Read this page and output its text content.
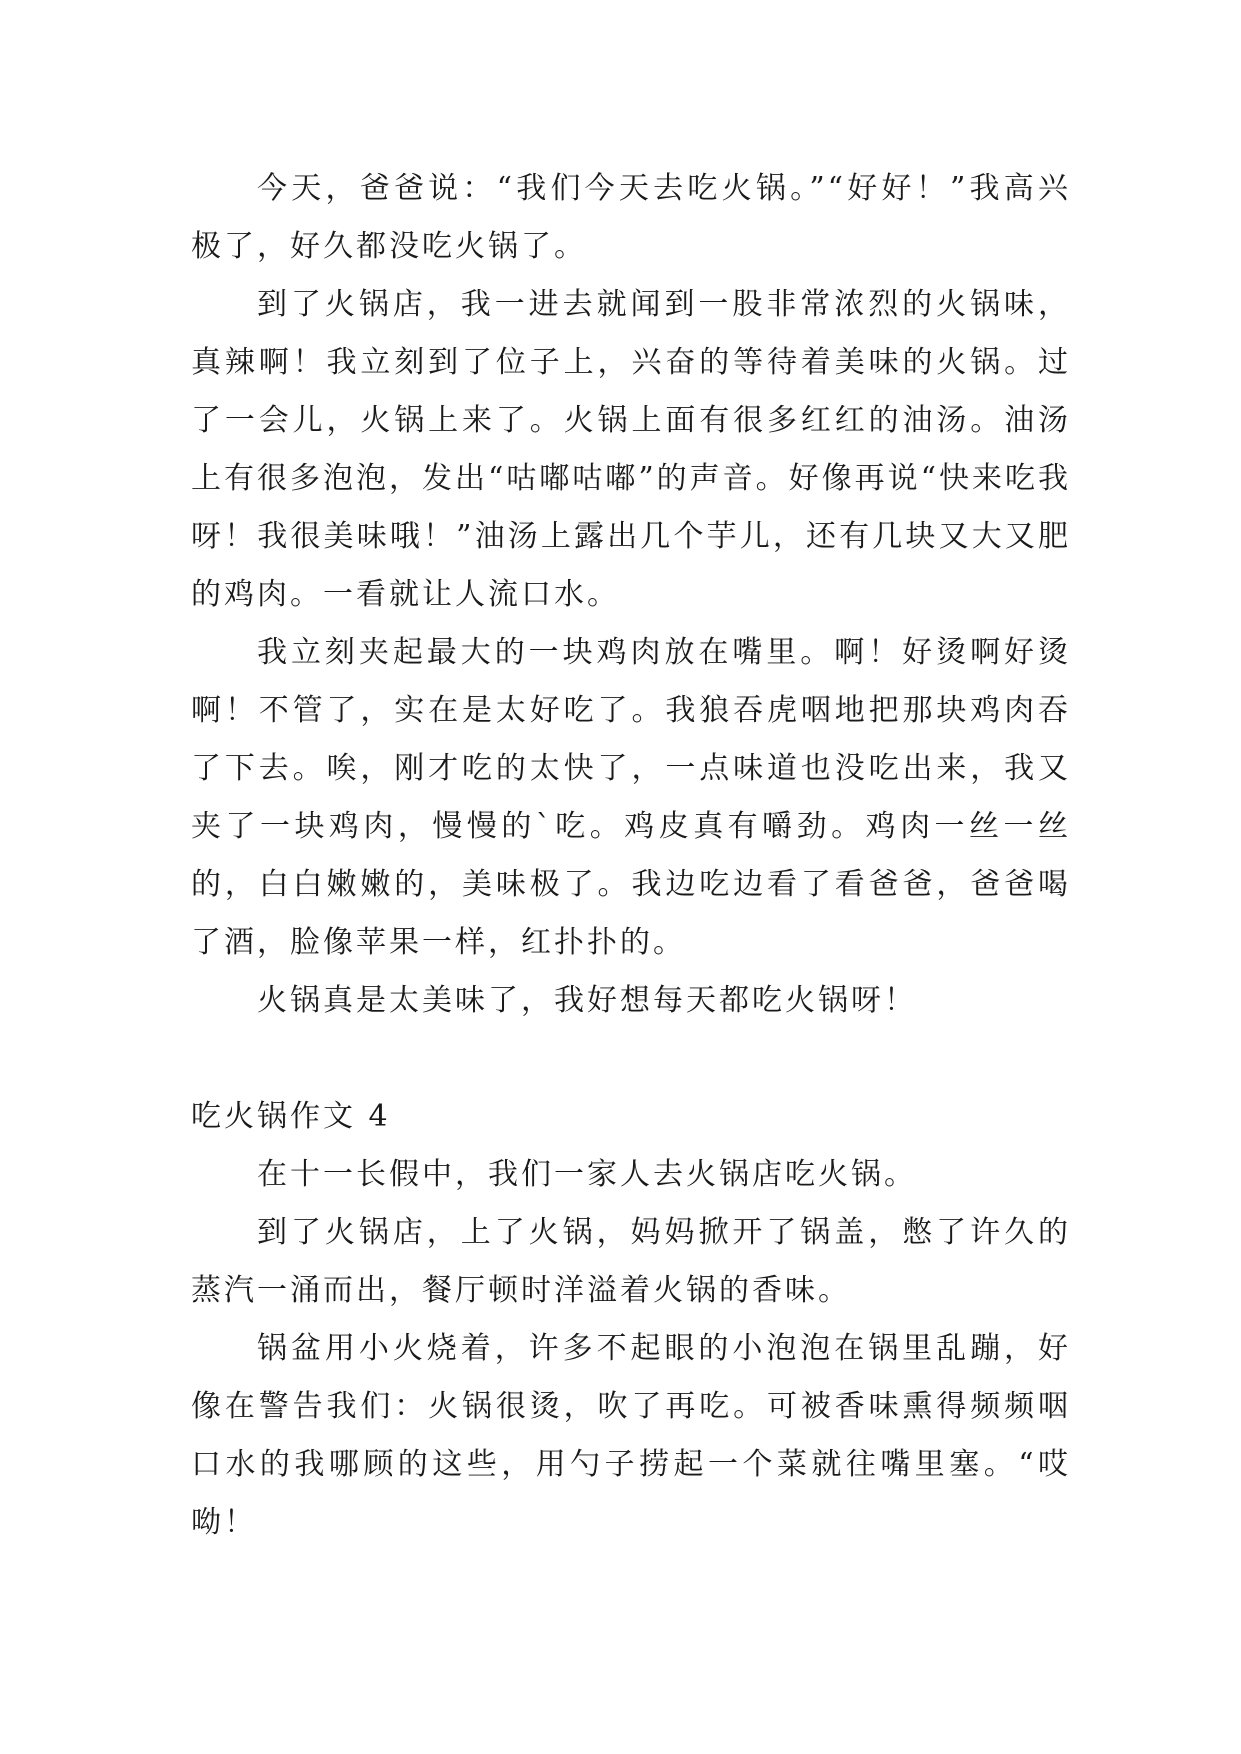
今天，爸爸说：“我们今天去吃火锅。”“好好！”我高兴极了，好久都没吃火锅了。

到了火锅店，我一进去就闻到一股非常浓烈的火锅味，真辣啊！我立刻到了位子上，兴奋的等待着美味的火锅。过了一会儿，火锅上来了。火锅上面有很多红红的油汤。油汤上有很多泡泡，发出“咕嘟咕嘟”的声音。好像再说“快来吃我呀！我很美味哦！”油汤上露出几个芋儿，还有几块又大又肥的鸡肉。一看就让人流口水。

我立刻夹起最大的一块鸡肉放在嘴里。啊！好烫啊好烫啊！不管了，实在是太好吃了。我狼吞虎咽地把那块鸡肉吞了下去。唉，刚才吃的太快了，一点味道也没吃出来，我又夹了一块鸡肉，慢慢的`吃。鸡皮真有嚼劲。鸡肉一丝一丝的，白白嫩嫩的，美味极了。我边吃边看了看爸爸，爸爸喝了酒，脸像苹果一样，红扑扑的。

火锅真是太美味了，我好想每天都吃火锅呀！

吃火锅作文 4

在十一长假中，我们一家人去火锅店吃火锅。

到了火锅店，上了火锅，妈妈掀开了锅盖，憋了许久的蒸汽一涌而出，餐厅顿时洋溢着火锅的香味。

锅盆用小火烧着，许多不起眼的小泡泡在锅里乱蹦，好像在警告我们：火锅很烫，吹了再吃。可被香味熏得频频咽口水的我哪顾的这些，用勺子捞起一个菜就往嘴里塞。“哎呦！
